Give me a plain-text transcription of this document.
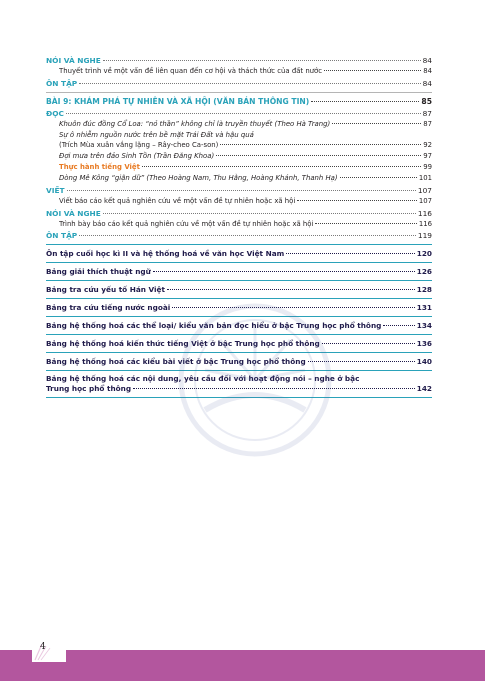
NÓI VÀ NGHE	84
Thuyết trình về một vấn đề liên quan đến cơ hội và thách thức của đất nước	84
ÔN TẬP	84
BÀI 9: KHÁM PHÁ TỰ NHIÊN VÀ XÃ HỘI (VĂN BẢN THÔNG TIN)	85
ĐỌC	87
Khuôn đúc đồng Cổ Loa: “nỏ thần” không chỉ là truyền thuyết (Theo Hà Trang)	87
Sự ô nhiễm nguồn nước trên bề mặt Trái Đất và hậu quả
(Trích Mùa xuân vắng lặng – Rây-cheo Ca-son)	92
Đợi mưa trên đảo Sinh Tồn (Trần Đăng Khoa)	97
Thực hành tiếng Việt	99
Dòng Mê Kông “giận dữ” (Theo Hoàng Nam, Thu Hằng, Hoàng Khánh, Thanh Hạ)	101
VIẾT	107
Viết báo cáo kết quả nghiên cứu về một vấn đề tự nhiên hoặc xã hội	107
NÓI VÀ NGHE	116
Trình bày báo cáo kết quả nghiên cứu về một vấn đề tự nhiên hoặc xã hội	116
ÔN TẬP	119
Ôn tập cuối học kì II và hệ thống hoá về văn học Việt Nam	120
Bảng giải thích thuật ngữ	126
Bảng tra cứu yếu tố Hán Việt	128
Bảng tra cứu tiếng nước ngoài	131
Bảng hệ thống hoá các thể loại/ kiểu văn bản đọc hiểu ở bậc Trung học phổ thông	134
Bảng hệ thống hoá kiến thức tiếng Việt ở bậc Trung học phổ thông	136
Bảng hệ thống hoá các kiểu bài viết ở bậc Trung học phổ thông	140
Bảng hệ thống hoá các nội dung, yêu cầu đối với hoạt động nói – nghe ở bậc
Trung học phổ thông	142
4
